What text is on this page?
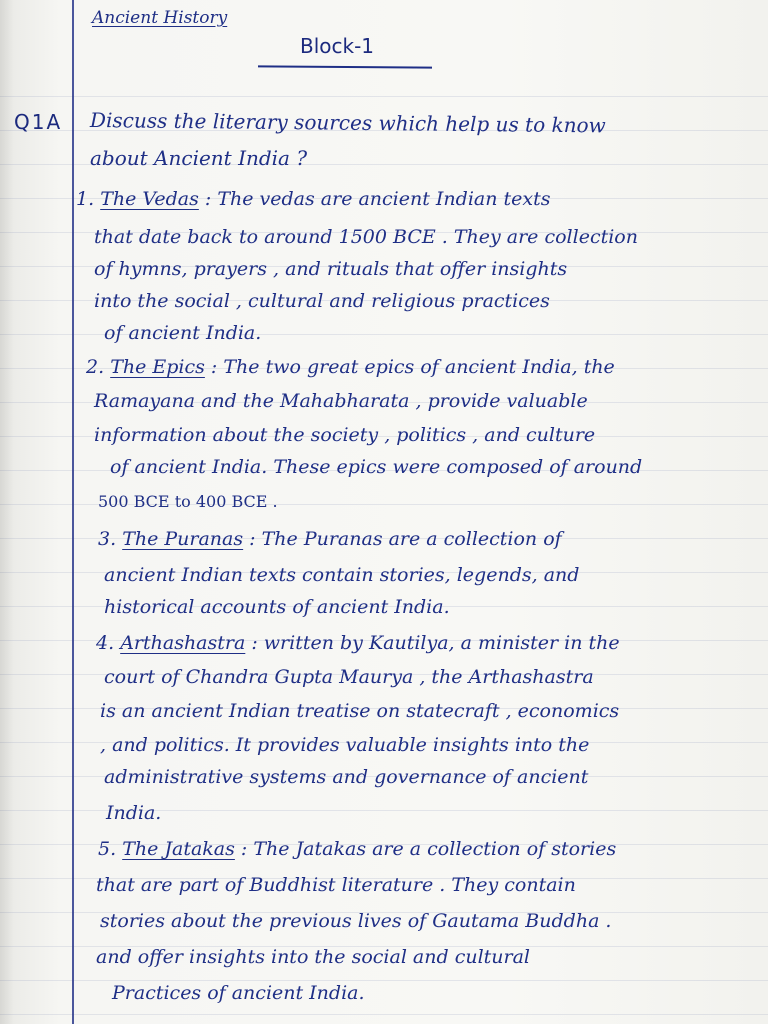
Ancient History
Block-1
Q1A Discuss the literary sources which help us to know
about Ancient India ?
1. The Vedas : The vedas are ancient Indian texts
that date back to around 1500 BCE . They are collection
of hymns, prayers , and rituals that offer insights
into the social , cultural and religious practices
of ancient India.
2. The Epics : The two great epics of ancient India, the
Ramayana and the Mahabharata , provide valuable
information about the society , politics , and culture
of ancient India. These epics were composed of around
500 BCE to 400 BCE .
3. The Puranas : The Puranas are a collection of
ancient Indian texts contain stories, legends, and
historical accounts of ancient India.
4. Arthashastra : written by Kautilya, a minister in the
court of Chandra Gupta Maurya , the Arthashastra
is an ancient Indian treatise on statecraft , economics
, and politics. It provides valuable insights into the
administrative systems and governance of ancient
India.
5. The Jatakas : The Jatakas are a collection of stories
that are part of Buddhist literature . They contain
stories about the previous lives of Gautama Buddha .
and offer insights into the social and cultural
Practices of ancient India.
